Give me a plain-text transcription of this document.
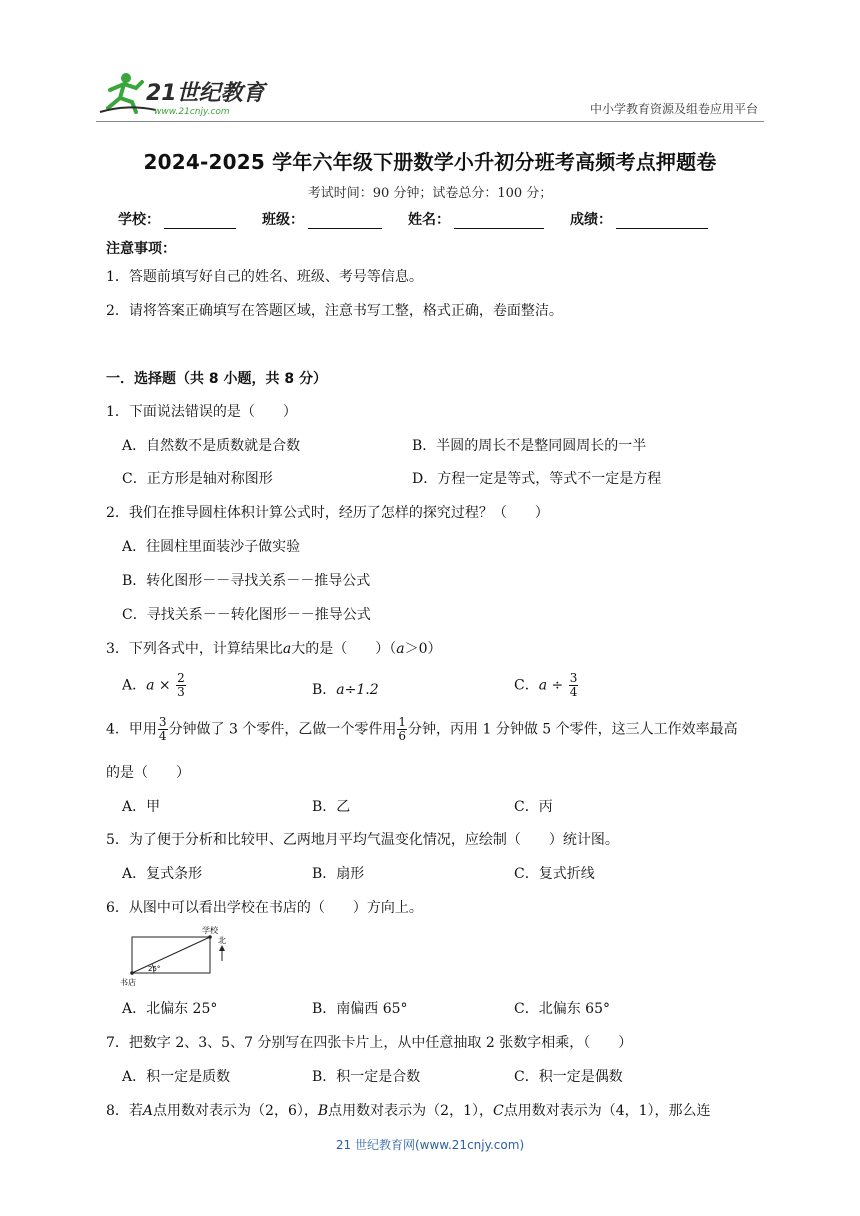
21世纪教育
www.21cnjy.com	中小学教育资源及组卷应用平台
2024-2025 学年六年级下册数学小升初分班考高频考点押题卷
考试时间：90 分钟；试卷总分：100 分；
学校：	班级：	姓名：	成绩：
注意事项：
1．答题前填写好自己的姓名、班级、考号等信息。
2．请将答案正确填写在答题区域，注意书写工整，格式正确，卷面整洁。
一．选择题（共 8 小题，共 8 分）
1．下面说法错误的是（　　）
A．自然数不是质数就是合数	B．半圆的周长不是整同圆周长的一半
C．正方形是轴对称图形	D．方程一定是等式，等式不一定是方程
2．我们在推导圆柱体积计算公式时，经历了怎样的探究过程？（　　）
A．往圆柱里面装沙子做实验
B．转化图形－－寻找关系－－推导公式
C．寻找关系－－转化图形－－推导公式
3．下列各式中，计算结果比a大的是（　　）（a＞0）
A．$a \times \frac{2}{3}$	B．a÷1.2	C．$a \div \frac{3}{4}$
4．甲用 $\frac{3}{4}$ 分钟做了 3 个零件，乙做一个零件用 $\frac{1}{6}$ 分钟，丙用 1 分钟做 5 个零件，这三人工作效率最高
的是（　　）
A．甲	B．乙	C．丙
5．为了便于分析和比较甲、乙两地月平均气温变化情况，应绘制（　　）统计图。
A．复式条形	B．扇形	C．复式折线
6．从图中可以看出学校在书店的（　　）方向上。
学校
北
书店
25°
A．北偏东 25°	B．南偏西 65°	C．北偏东 65°
7．把数字 2、3、5、7 分别写在四张卡片上，从中任意抽取 2 张数字相乘，（　　）
A．积一定是质数	B．积一定是合数	C．积一定是偶数
8．若A点用数对表示为（2，6），B点用数对表示为（2，1），C点用数对表示为（4，1），那么连
21 世纪教育网(www.21cnjy.com)
